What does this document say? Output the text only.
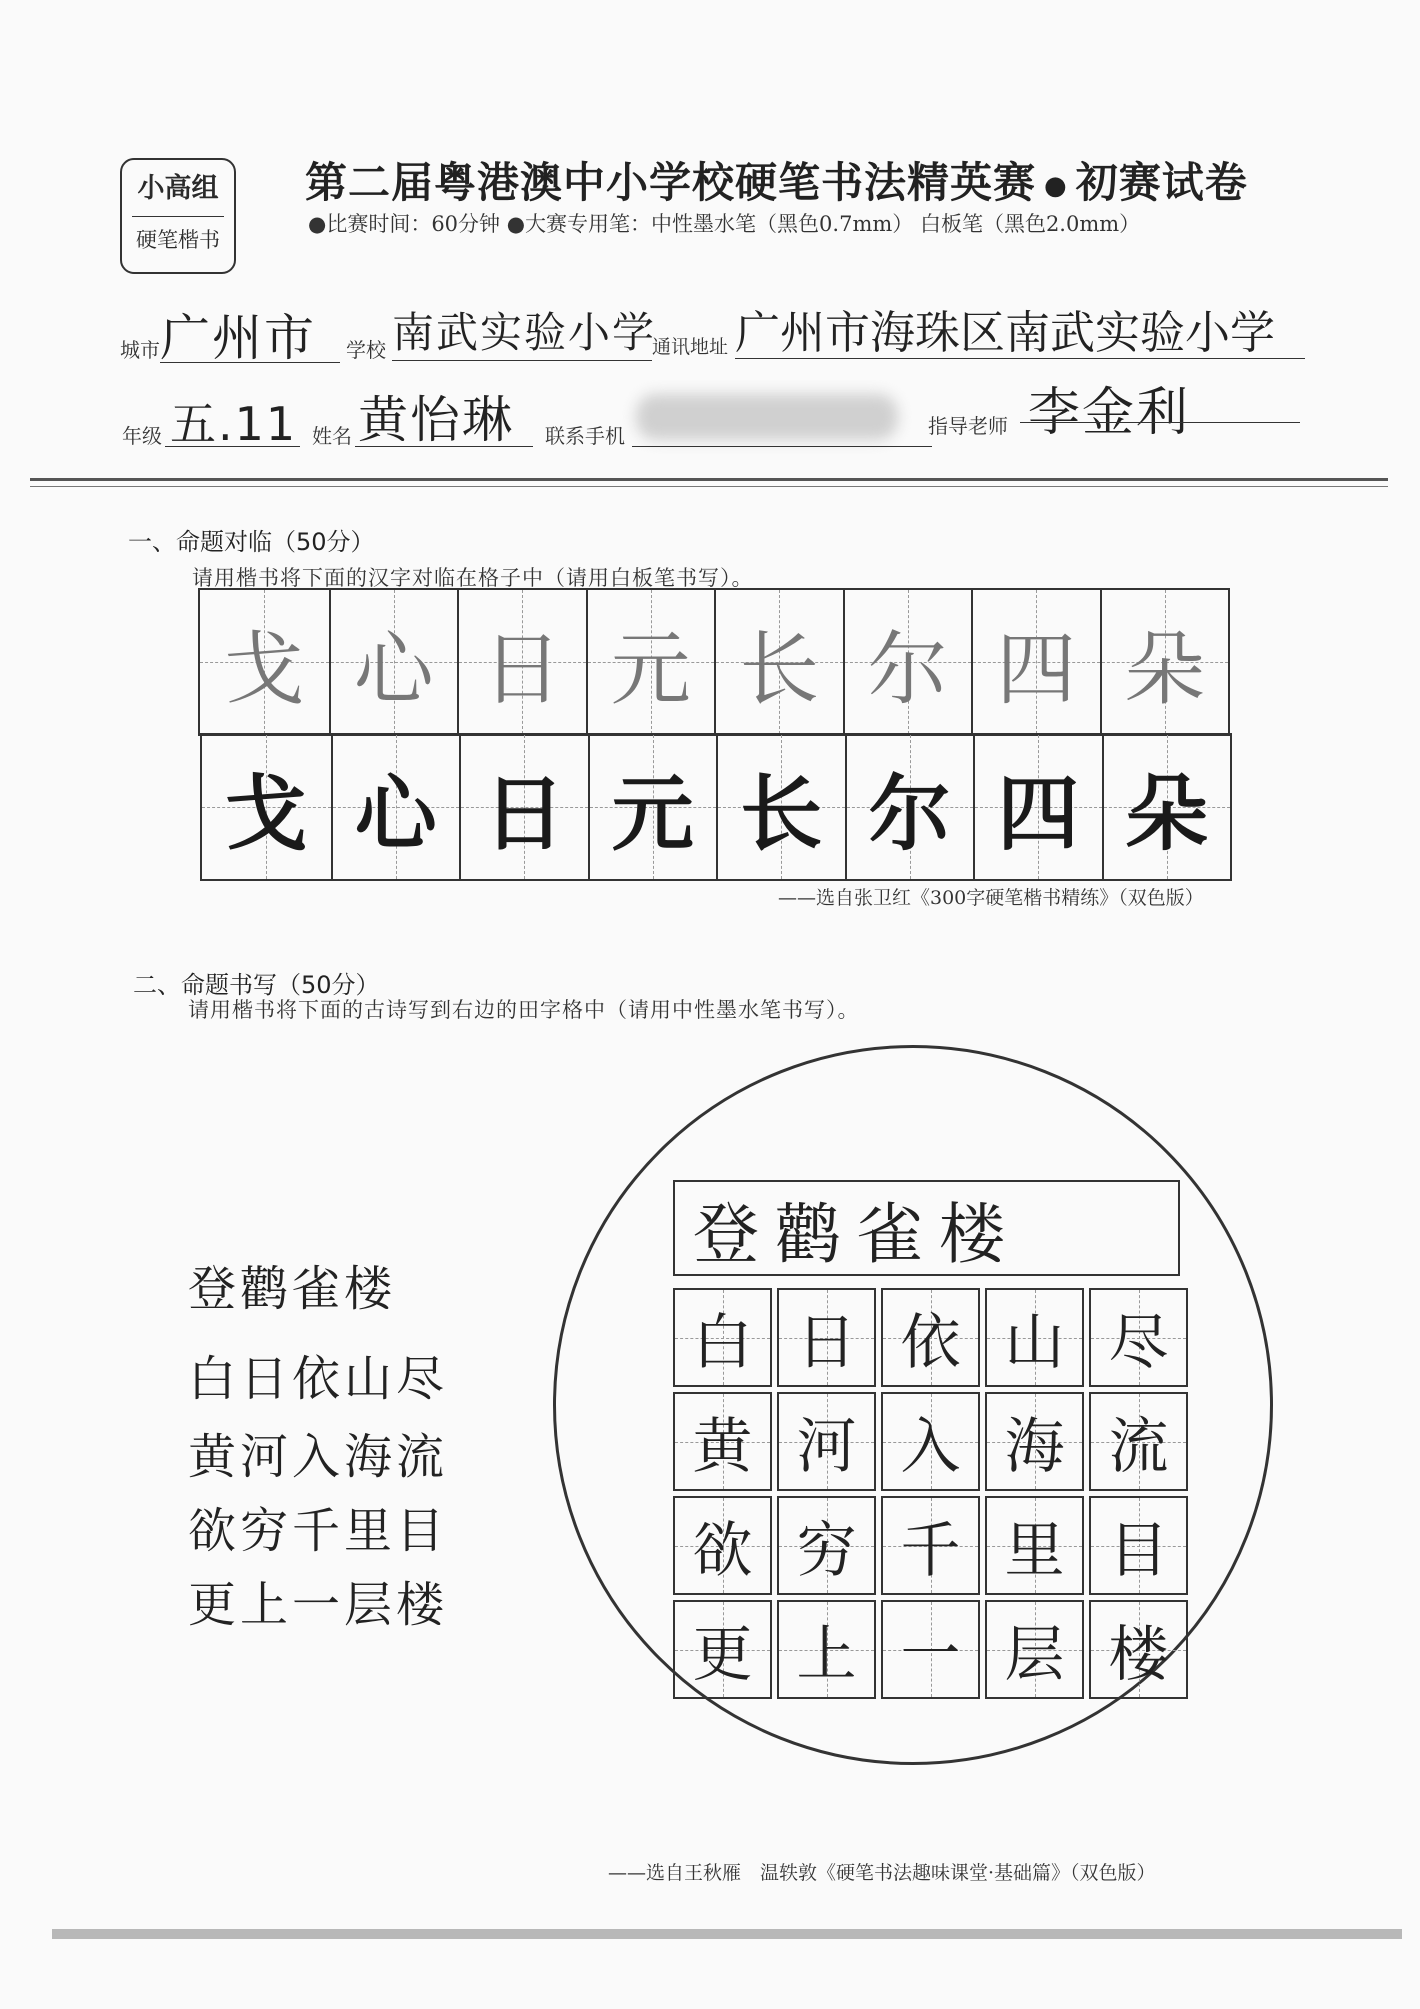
小高组
硬笔楷书
第二届粤港澳中小学校硬笔书法精英赛 ● 初赛试卷
●比赛时间：60分钟 ●大赛专用笔：中性墨水笔（黑色0.7mm） 白板笔（黑色2.0mm）
城市 广州市 学校 南武实验小学
通讯地址 广州市海珠区南武实验小学
年级 五.11 姓名 黄怡琳 联系手机	指导老师 李金利
一、命题对临（50分）
请用楷书将下面的汉字对临在格子中（请用白板笔书写）。
戈 心 日 元 长 尔 四 朵
戈 心 日 元 长 尔 四 朵
——选自张卫红《300字硬笔楷书精练》（双色版）
二、命题书写（50分）
请用楷书将下面的古诗写到右边的田字格中（请用中性墨水笔书写）。
登鹳雀楼
白日依山尽
黄河入海流
欲穷千里目
更上一层楼
登鹳雀楼
白 日 依 山 尽
黄 河 入 海 流
欲 穷 千 里 目
更 上 一 层 楼
——选自王秋雁　温轶敦《硬笔书法趣味课堂·基础篇》（双色版）
